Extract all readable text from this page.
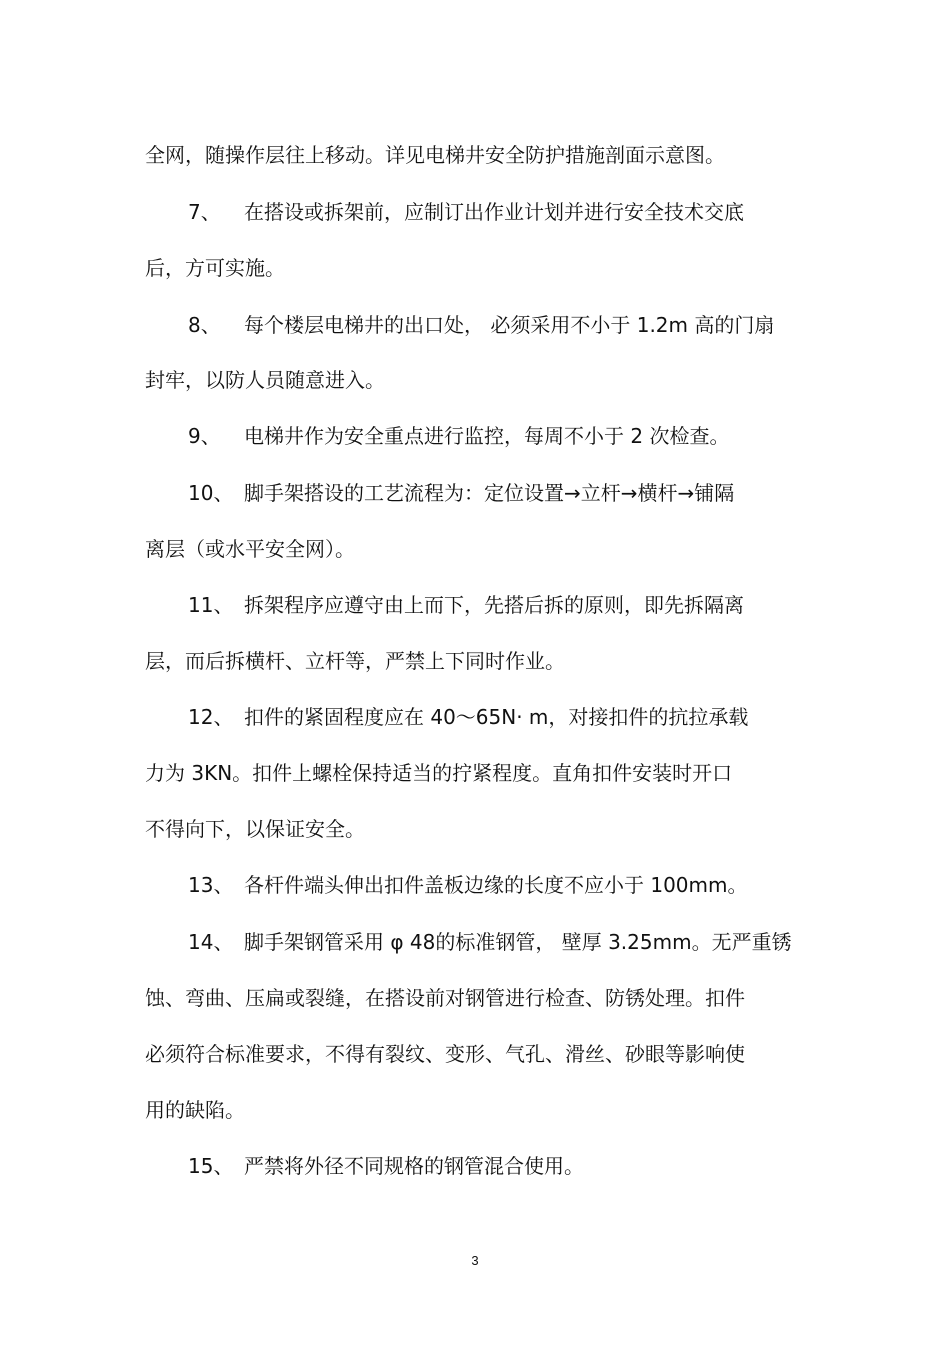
全网，随操作层往上移动。详见电梯井安全防护措施剖面示意图。
7、 在搭设或拆架前，应制订出作业计划并进行安全技术交底
后，方可实施。
8、 每个楼层电梯井的出口处， 必须采用不小于 1.2m 高的门扇
封牢，以防人员随意进入。
9、 电梯井作为安全重点进行监控，每周不小于 2 次检查。
10、 脚手架搭设的工艺流程为：定位设置→立杆→横杆→铺隔
离层（或水平安全网）。
11、 拆架程序应遵守由上而下，先搭后拆的原则，即先拆隔离
层，而后拆横杆、立杆等，严禁上下同时作业。
12、 扣件的紧固程度应在 40～65N· m，对接扣件的抗拉承载
力为 3KN。扣件上螺栓保持适当的拧紧程度。直角扣件安装时开口
不得向下，以保证安全。
13、 各杆件端头伸出扣件盖板边缘的长度不应小于 100mm。
14、 脚手架钢管采用 φ 48的标准钢管， 壁厚 3.25mm。无严重锈
蚀、弯曲、压扁或裂缝，在搭设前对钢管进行检查、防锈处理。扣件
必须符合标准要求，不得有裂纹、变形、气孔、滑丝、砂眼等影响使
用的缺陷。
15、 严禁将外径不同规格的钢管混合使用。
3
